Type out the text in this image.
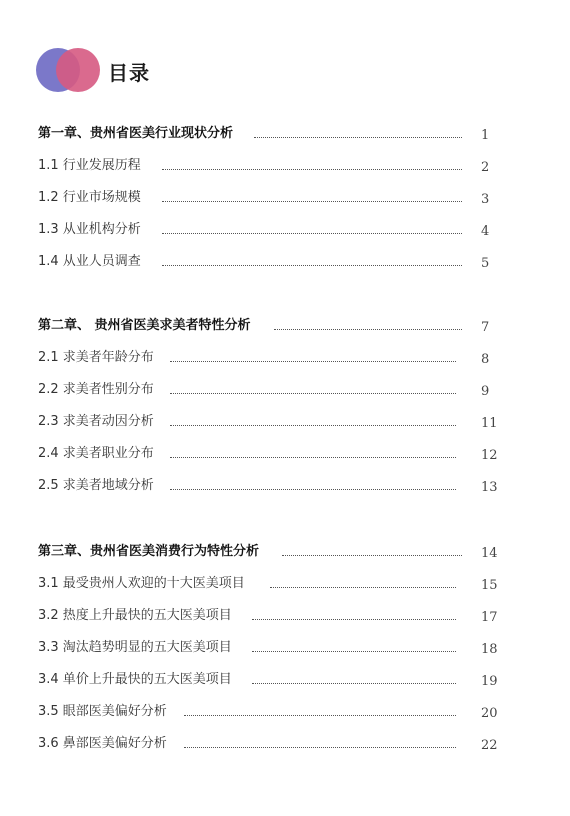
目录
第一章、贵州省医美行业现状分析	1
1.1 行业发展历程	2
1.2 行业市场规模	3
1.3 从业机构分析	4
1.4 从业人员调查	5
第二章、 贵州省医美求美者特性分析	7
2.1 求美者年龄分布	8
2.2 求美者性别分布	9
2.3 求美者动因分析	11
2.4 求美者职业分布	12
2.5 求美者地域分析	13
第三章、贵州省医美消费行为特性分析	14
3.1 最受贵州人欢迎的十大医美项目	15
3.2 热度上升最快的五大医美项目	17
3.3 淘汰趋势明显的五大医美项目	18
3.4 单价上升最快的五大医美项目	19
3.5 眼部医美偏好分析	20
3.6 鼻部医美偏好分析	22
